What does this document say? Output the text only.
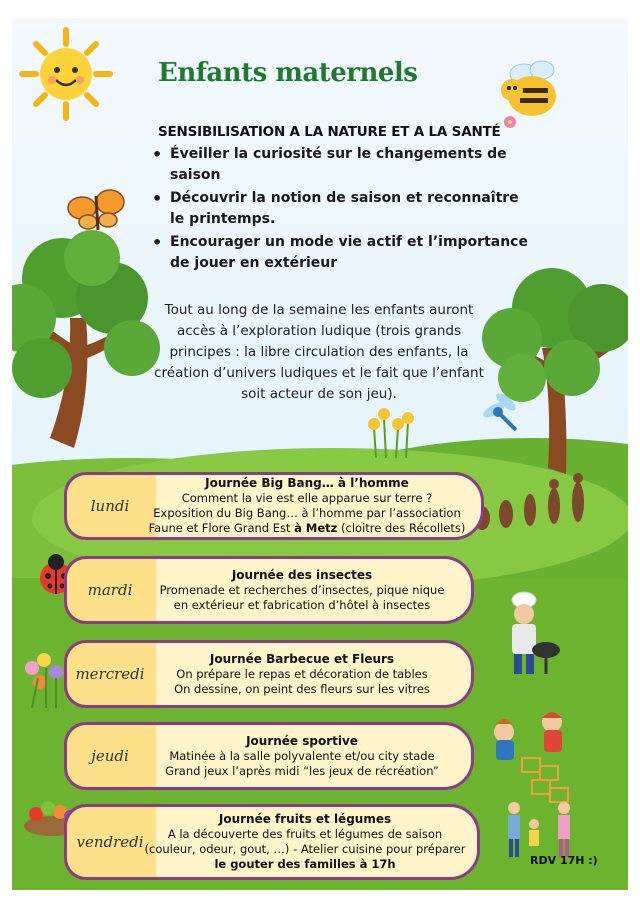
Enfants maternels
SENSIBILISATION A LA NATURE ET A LA SANTÉ
• Éveiller la curiosité sur le changements de saison
• Découvrir la notion de saison et reconnaître le printemps.
• Encourager un mode vie actif et l’importance de jouer en extérieur
Tout au long de la semaine les enfants auront accès à l’exploration ludique (trois grands principes : la libre circulation des enfants, la création d’univers ludiques et le fait que l’enfant soit acteur de son jeu).
lundi
Journée Big Bang… à l’homme
Comment la vie est elle apparue sur terre ?
Exposition du Big Bang… à l’homme par l’association
Faune et Flore Grand Est à Metz (cloitre des Récollets)
mardi
Journée des insectes
Promenade et recherches d’insectes, pique nique
en extérieur et fabrication d’hôtel à insectes
mercredi
Journée Barbecue et Fleurs
On prépare le repas et décoration de tables
On dessine, on peint des fleurs sur les vitres
jeudi
Journée sportive
Matinée à la salle polyvalente et/ou city stade
Grand jeux l’après midi “les jeux de récréation”
vendredi
Journée fruits et légumes
A la découverte des fruits et légumes de saison
(couleur, odeur, gout, …) - Atelier cuisine pour préparer
le gouter des familles à 17h	RDV 17H :)
